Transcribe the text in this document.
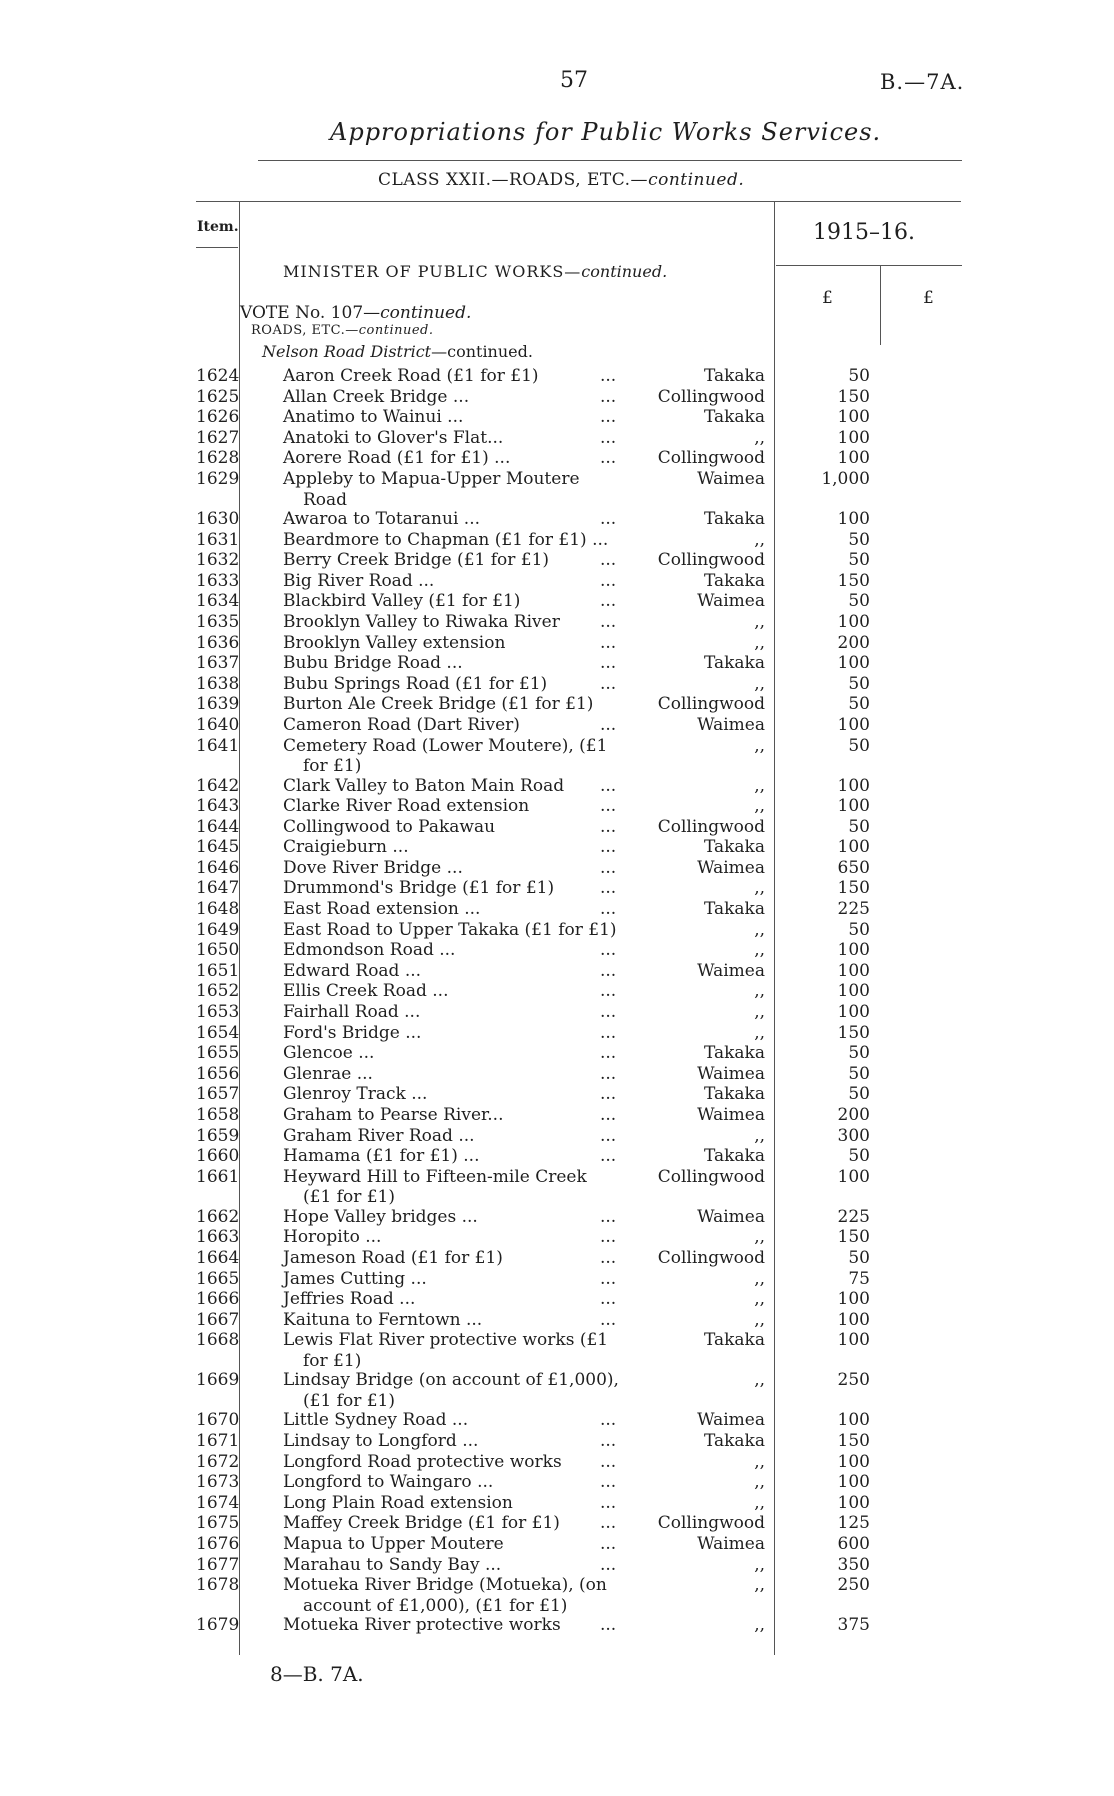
57	B.—7A.
Appropriations for Public Works Services.
CLASS XXII.—ROADS, ETC.—continued.
Item.	1915–16.
MINISTER OF PUBLIC WORKS—continued.
£	£
VOTE No. 107—continued.
ROADS, ETC.—continued.
Nelson Road District—continued.
1624	Aaron Creek Road (£1 for £1)	...	Takaka	50
1625	Allan Creek Bridge ...	...	Collingwood	150
1626	Anatimo to Wainui ...	...	Takaka	100
1627	Anatoki to Glover's Flat...	...	,,	100
1628	Aorere Road (£1 for £1) ...	...	Collingwood	100
1629	Appleby to Mapua-Upper Moutere
Road
Waimea	1,000
1630	Awaroa to Totaranui ...	...	Takaka	100
1631	Beardmore to Chapman (£1 for £1) ...	,,	50
1632	Berry Creek Bridge (£1 for £1)	...	Collingwood	50
1633	Big River Road ...	...	Takaka	150
1634	Blackbird Valley (£1 for £1)	...	Waimea	50
1635	Brooklyn Valley to Riwaka River	...	,,	100
1636	Brooklyn Valley extension	...	,,	200
1637	Bubu Bridge Road ...	...	Takaka	100
1638	Bubu Springs Road (£1 for £1)	...	,,	50
1639	Burton Ale Creek Bridge (£1 for £1)	Collingwood	50
1640	Cameron Road (Dart River)	...	Waimea	100
1641	Cemetery Road (Lower Moutere), (£1
for £1)
,,	50
1642	Clark Valley to Baton Main Road	...	,,	100
1643	Clarke River Road extension	...	,,	100
1644	Collingwood to Pakawau	...	Collingwood	50
1645	Craigieburn ...	...	Takaka	100
1646	Dove River Bridge ...	...	Waimea	650
1647	Drummond's Bridge (£1 for £1)	...	,,	150
1648	East Road extension ...	...	Takaka	225
1649	East Road to Upper Takaka (£1 for £1)	,,	50
1650	Edmondson Road ...	...	,,	100
1651	Edward Road ...	...	Waimea	100
1652	Ellis Creek Road ...	...	,,	100
1653	Fairhall Road ...	...	,,	100
1654	Ford's Bridge ...	...	,,	150
1655	Glencoe ...	...	Takaka	50
1656	Glenrae ...	...	Waimea	50
1657	Glenroy Track ...	...	Takaka	50
1658	Graham to Pearse River...	...	Waimea	200
1659	Graham River Road ...	...	,,	300
1660	Hamama (£1 for £1) ...	...	Takaka	50
1661	Heyward Hill to Fifteen-mile Creek
(£1 for £1)
Collingwood	100
1662	Hope Valley bridges ...	...	Waimea	225
1663	Horopito ...	...	,,	150
1664	Jameson Road (£1 for £1)	...	Collingwood	50
1665	James Cutting ...	...	,,	75
1666	Jeffries Road ...	...	,,	100
1667	Kaituna to Ferntown ...	...	,,	100
1668	Lewis Flat River protective works (£1
for £1)
Takaka	100
1669	Lindsay Bridge (on account of £1,000),
(£1 for £1)
,,	250
1670	Little Sydney Road ...	...	Waimea	100
1671	Lindsay to Longford ...	...	Takaka	150
1672	Longford Road protective works	...	,,	100
1673	Longford to Waingaro ...	...	,,	100
1674	Long Plain Road extension	...	,,	100
1675	Maffey Creek Bridge (£1 for £1)	...	Collingwood	125
1676	Mapua to Upper Moutere	...	Waimea	600
1677	Marahau to Sandy Bay ...	...	,,	350
1678	Motueka River Bridge (Motueka), (on
account of £1,000), (£1 for £1)
,,	250
1679	Motueka River protective works	...	,,	375
8—B. 7A.
